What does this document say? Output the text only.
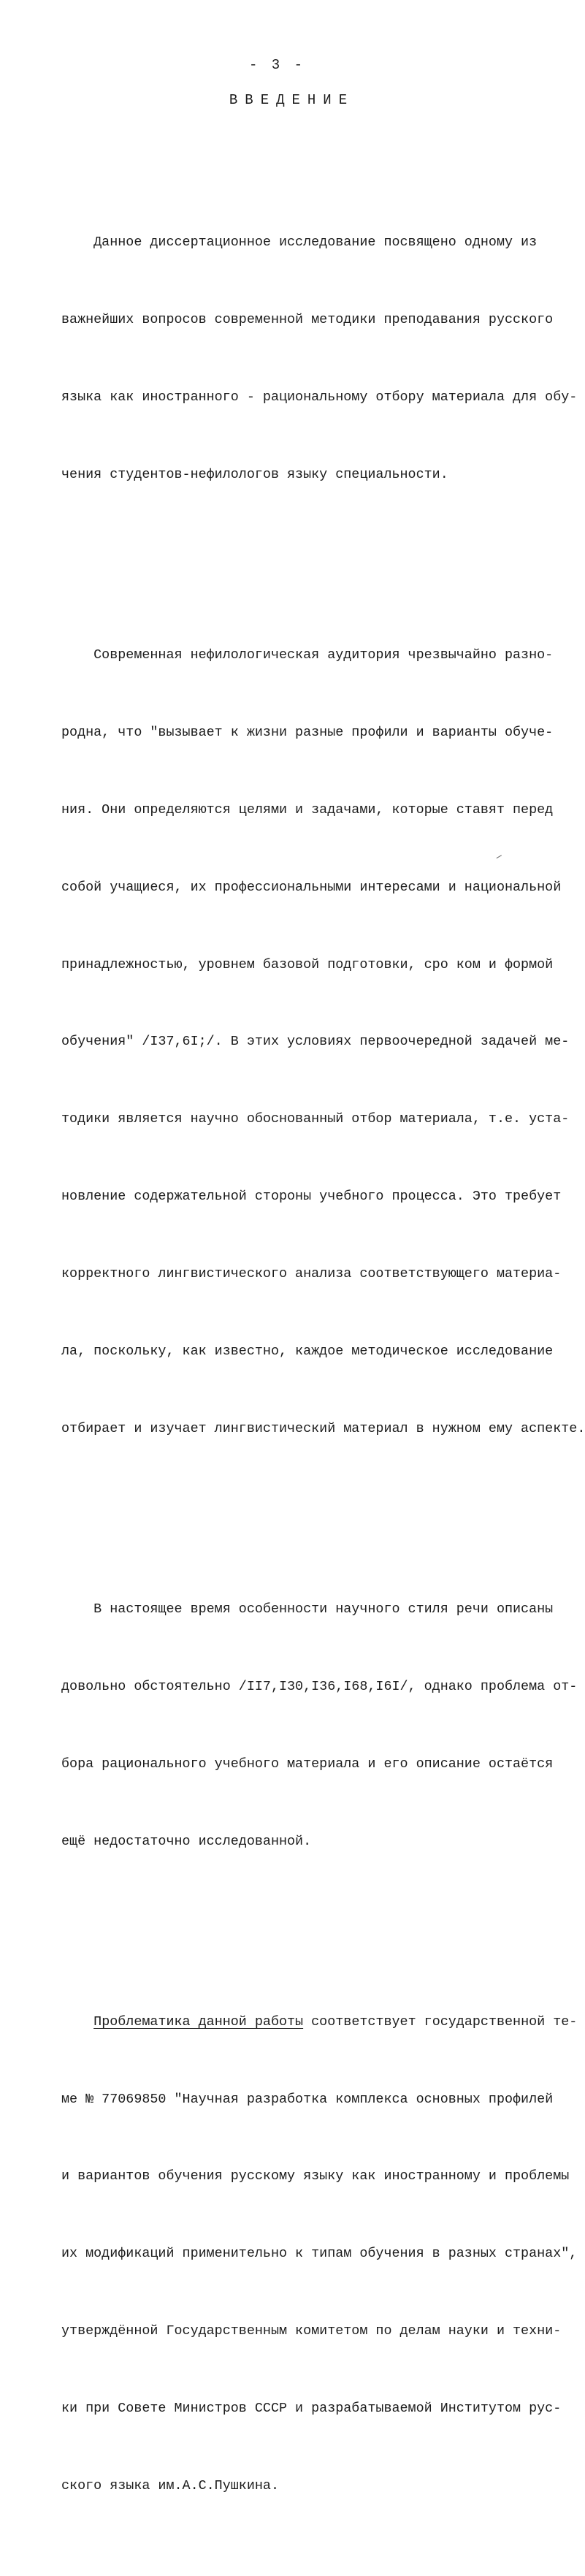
- 3 -
ВВЕДЕНИЕ

Данное диссертационное исследование посвящено одному из

важнейших вопросов современной методики преподавания русского

языка как иностранного - рациональному отбору материала для обу-

чения студентов-нефилологов языку специальности.

Современная нефилологическая аудитория чрезвычайно разно-

родна, что "вызывает к жизни разные профили и варианты обуче-

ния. Они определяются целями и задачами, которые ставят перед

собой учащиеся, их профессиональными интересами и национальной

принадлежностью, уровнем базовой подготовки, сро ком и формой

обучения" /I37,6I;/. В этих условиях первоочередной задачей ме-

тодики является научно обоснованный отбор материала, т.е. уста-

новление содержательной стороны учебного процесса. Это требует

корректного лингвистического анализа соответствующего материа-

ла, поскольку, как известно, каждое методическое исследование

отбирает и изучает лингвистический материал в нужном ему аспекте.

В настоящее время особенности научного стиля речи описаны

довольно обстоятельно /II7,I30,I36,I68,I6I/, однако проблема от-

бора рационального учебного материала и его описание остаётся

ещё недостаточно исследованной.

Проблематика данной работы соответствует государственной те-

ме № 77069850 "Научная разработка комплекса основных профилей

и вариантов обучения русскому языку как иностранному и проблемы

их модификаций применительно к типам обучения в разных странах",

утверждённой Государственным комитетом по делам науки и техни-

ки при Совете Министров СССР и разрабатываемой Институтом рус-

ского языка им.А.С.Пушкина.
